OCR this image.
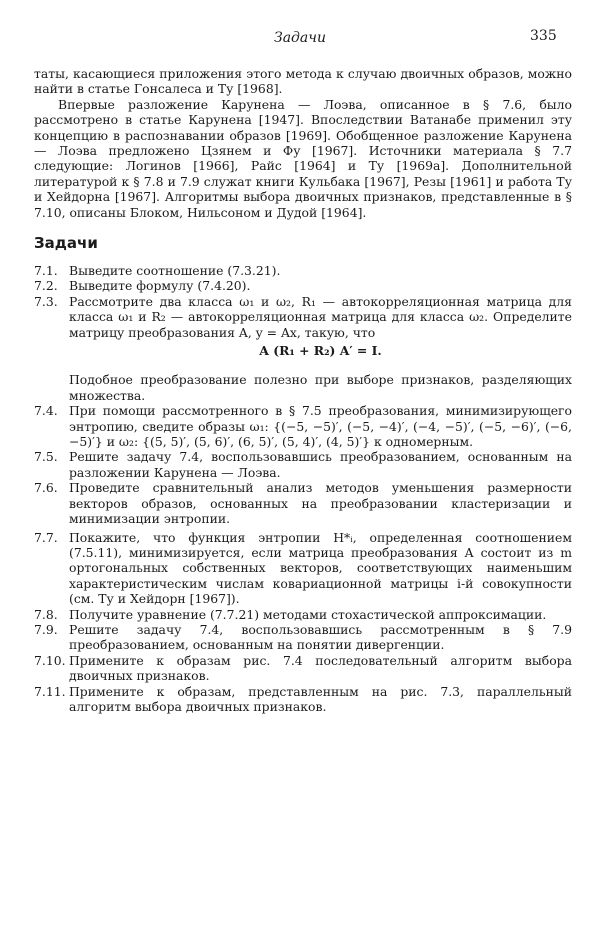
Задачи	335

таты, касающиеся приложения этого метода к случаю двоичных образов, можно найти в статье Гонсалеса и Ту [1968].

Впервые разложение Карунена — Лоэва, описанное в § 7.6, было рассмотрено в статье Карунена [1947]. Впоследствии Ватанабе применил эту концепцию в распознавании образов [1969]. Обобщенное разложение Карунена — Лоэва предложено Цзянем и Фу [1967]. Источники материала § 7.7 следующие: Логинов [1966], Райс [1964] и Ту [1969а]. Дополнительной литературой к § 7.8 и 7.9 служат книги Кульбака [1967], Резы [1961] и работа Ту и Хейдорна [1967]. Алгоритмы выбора двоичных признаков, представленные в § 7.10, описаны Блоком, Нильсоном и Дудой [1964].

Задачи
7.1. Выведите соотношение (7.3.21).
7.2. Выведите формулу (7.4.20).
7.3. Рассмотрите два класса ω₁ и ω₂, R₁ — автокорреляционная матрица для класса ω₁ и R₂ — автокорреляционная матрица для класса ω₂. Определите матрицу преобразования A, y = Ax, такую, что
A (R₁ + R₂) A′ = I.
Подобное преобразование полезно при выборе признаков, разделяющих множества.
7.4. При помощи рассмотренного в § 7.5 преобразования, минимизирующего энтропию, сведите образы ω₁: {(−5, −5)′, (−5, −4)′, (−4, −5)′, (−5, −6)′, (−6, −5)′} и ω₂: {(5, 5)′, (5, 6)′, (6, 5)′, (5, 4)′, (4, 5)′} к одномерным.
7.5. Решите задачу 7.4, воспользовавшись преобразованием, основанным на разложении Карунена — Лоэва.
7.6. Проведите сравнительный анализ методов уменьшения размерности векторов образов, основанных на преобразовании кластеризации и минимизации энтропии.
7.7. Покажите, что функция энтропии H*ᵢ, определенная соотношением (7.5.11), минимизируется, если матрица преобразования A состоит из m ортогональных собственных векторов, соответствующих наименьшим характеристическим числам ковариационной матрицы i-й совокупности (см. Ту и Хейдорн [1967]).
7.8. Получите уравнение (7.7.21) методами стохастической аппроксимации.
7.9. Решите задачу 7.4, воспользовавшись рассмотренным в § 7.9 преобразованием, основанным на понятии дивергенции.
7.10. Примените к образам рис. 7.4 последовательный алгоритм выбора двоичных признаков.
7.11. Примените к образам, представленным на рис. 7.3, параллельный алгоритм выбора двоичных признаков.
